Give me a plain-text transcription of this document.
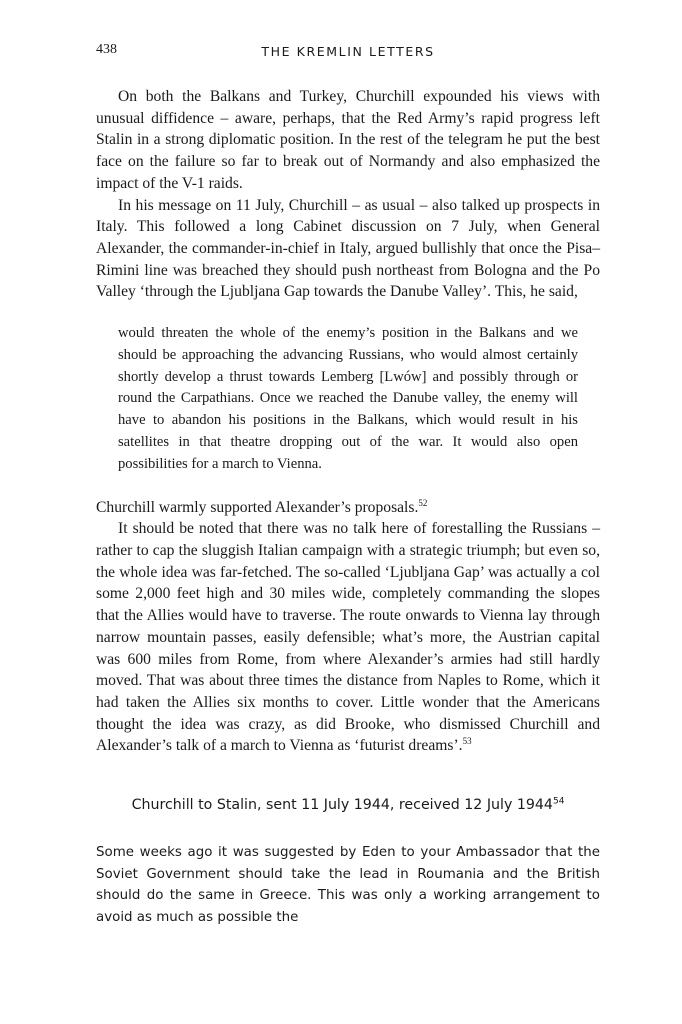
438	THE KREMLIN LETTERS

On both the Balkans and Turkey, Churchill expounded his views with unusual diffidence – aware, perhaps, that the Red Army’s rapid progress left Stalin in a strong diplomatic position. In the rest of the telegram he put the best face on the failure so far to break out of Normandy and also emphasized the impact of the V-1 raids.

In his message on 11 July, Churchill – as usual – also talked up prospects in Italy. This followed a long Cabinet discussion on 7 July, when General Alexander, the commander-in-chief in Italy, argued bullishly that once the Pisa–Rimini line was breached they should push northeast from Bologna and the Po Valley ‘through the Ljubljana Gap towards the Danube Valley’. This, he said,

would threaten the whole of the enemy’s position in the Balkans and we should be approaching the advancing Russians, who would almost certainly shortly develop a thrust towards Lemberg [Lwów] and possibly through or round the Carpathians. Once we reached the Danube valley, the enemy will have to abandon his positions in the Balkans, which would result in his satellites in that theatre dropping out of the war. It would also open possibilities for a march to Vienna.

Churchill warmly supported Alexander’s proposals.$^{52}$

It should be noted that there was no talk here of forestalling the Russians – rather to cap the sluggish Italian campaign with a strategic triumph; but even so, the whole idea was far-fetched. The so-called ‘Ljubljana Gap’ was actually a col some 2,000 feet high and 30 miles wide, completely commanding the slopes that the Allies would have to traverse. The route onwards to Vienna lay through narrow mountain passes, easily defensible; what’s more, the Austrian capital was 600 miles from Rome, from where Alexander’s armies had still hardly moved. That was about three times the distance from Naples to Rome, which it had taken the Allies six months to cover. Little wonder that the Americans thought the idea was crazy, as did Brooke, who dismissed Churchill and Alexander’s talk of a march to Vienna as ‘futurist dreams’.$^{53}$

Churchill to Stalin, sent 11 July 1944, received 12 July 1944$^{54}$

Some weeks ago it was suggested by Eden to your Ambassador that the Soviet Government should take the lead in Roumania and the British should do the same in Greece. This was only a working arrangement to avoid as much as possible the
